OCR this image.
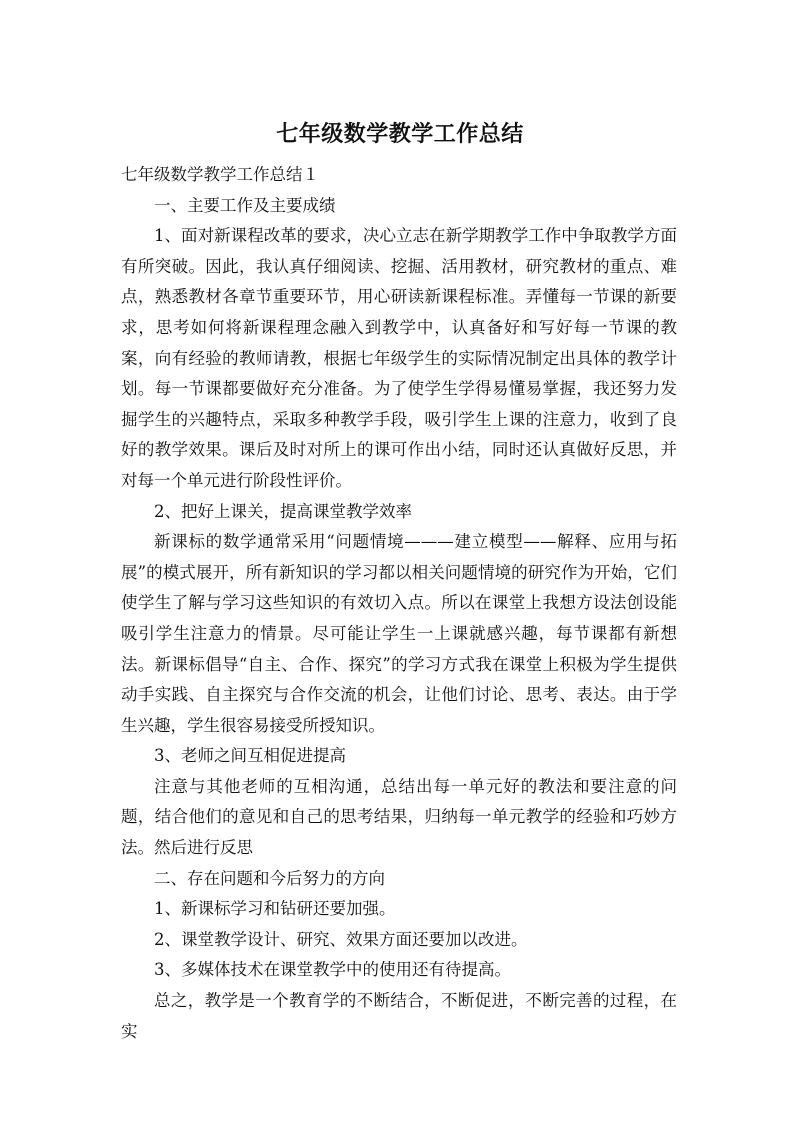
七年级数学教学工作总结

七年级数学教学工作总结１

一、主要工作及主要成绩

1、面对新课程改革的要求，决心立志在新学期教学工作中争取教学方面有所突破。因此，我认真仔细阅读、挖掘、活用教材，研究教材的重点、难点，熟悉教材各章节重要环节，用心研读新课程标准。弄懂每一节课的新要求，思考如何将新课程理念融入到教学中，认真备好和写好每一节课的教案，向有经验的教师请教，根据七年级学生的实际情况制定出具体的教学计划。每一节课都要做好充分准备。为了使学生学得易懂易掌握，我还努力发掘学生的兴趣特点，采取多种教学手段，吸引学生上课的注意力，收到了良好的教学效果。课后及时对所上的课可作出小结，同时还认真做好反思，并对每一个单元进行阶段性评价。

2、把好上课关，提高课堂教学效率

新课标的数学通常采用“问题情境———建立模型——解释、应用与拓展”的模式展开，所有新知识的学习都以相关问题情境的研究作为开始，它们使学生了解与学习这些知识的有效切入点。所以在课堂上我想方设法创设能吸引学生注意力的情景。尽可能让学生一上课就感兴趣，每节课都有新想法。新课标倡导“自主、合作、探究”的学习方式我在课堂上积极为学生提供动手实践、自主探究与合作交流的机会，让他们讨论、思考、表达。由于学生兴趣，学生很容易接受所授知识。

3、老师之间互相促进提高

注意与其他老师的互相沟通，总结出每一单元好的教法和要注意的问题，结合他们的意见和自己的思考结果，归纳每一单元教学的经验和巧妙方法。然后进行反思

二、存在问题和今后努力的方向

1、新课标学习和钻研还要加强。

2、课堂教学设计、研究、效果方面还要加以改进。

3、多媒体技术在课堂教学中的使用还有待提高。

总之，教学是一个教育学的不断结合，不断促进，不断完善的过程，在实
